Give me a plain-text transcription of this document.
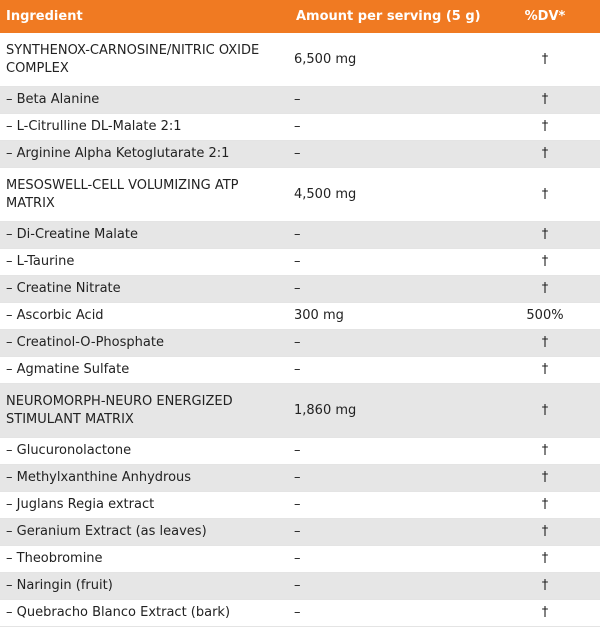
Ingredient	Amount per serving (5 g)	%DV*
SYNTHENOX-CARNOSINE/NITRIC OXIDE COMPLEX	6,500 mg	†
– Beta Alanine	–	†
– L-Citrulline DL-Malate 2:1	–	†
– Arginine Alpha Ketoglutarate 2:1	–	†
MESOSWELL-CELL VOLUMIZING ATP MATRIX	4,500 mg	†
– Di-Creatine Malate	–	†
– L-Taurine	–	†
– Creatine Nitrate	–	†
– Ascorbic Acid	300 mg	500%
– Creatinol-O-Phosphate	–	†
– Agmatine Sulfate	–	†
NEUROMORPH-NEURO ENERGIZED STIMULANT MATRIX	1,860 mg	†
– Glucuronolactone	–	†
– Methylxanthine Anhydrous	–	†
– Juglans Regia extract	–	†
– Geranium Extract (as leaves)	–	†
– Theobromine	–	†
– Naringin (fruit)	–	†
– Quebracho Blanco Extract (bark)	–	†
